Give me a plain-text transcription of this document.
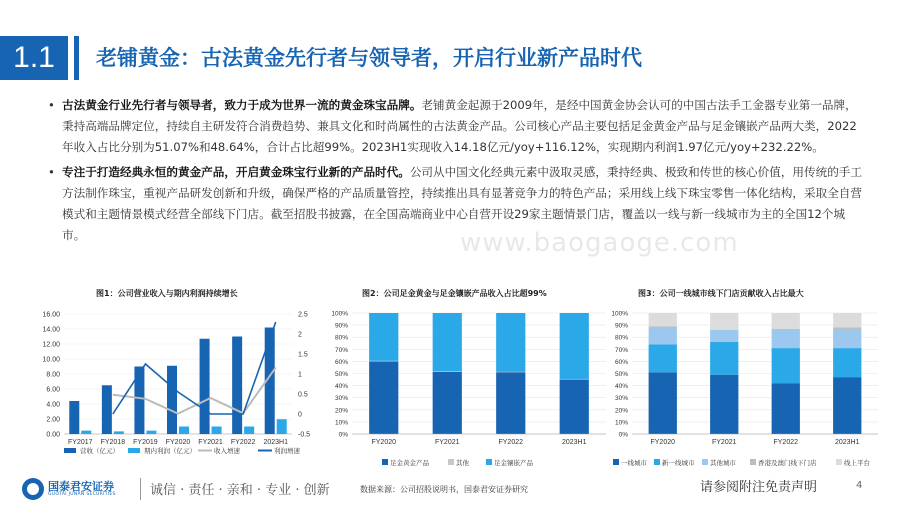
1.1	老铺黄金：古法黄金先行者与领导者，开启行业新产品时代
• 古法黄金行业先行者与领导者，致力于成为世界一流的黄金珠宝品牌。老铺黄金起源于2009年，是经中国黄金协会认可的中国古法手工金器专业第一品牌，秉持高端品牌定位，持续自主研发符合消费趋势、兼具文化和时尚属性的古法黄金产品。公司核心产品主要包括足金黄金产品与足金镶嵌产品两大类，2022年收入占比分别为51.07%和48.64%，合计占比超99%。2023H1实现收入14.18亿元/yoy+116.12%，实现期内利润1.97亿元/yoy+232.22%。
• 专注于打造经典永恒的黄金产品，开启黄金珠宝行业新的产品时代。公司从中国文化经典元素中汲取灵感，秉持经典、极致和传世的核心价值，用传统的手工方法制作珠宝，重视产品研发创新和升级，确保严格的产品质量管控，持续推出具有显著竞争力的特色产品；采用线上线下珠宝零售一体化结构，采取全自营模式和主题情景模式经营全部线下门店。截至招股书披露，在全国高端商业中心自营开设29家主题情景门店，覆盖以一线与新一线城市为主的全国12个城市。	www.baogaoge.com
图1：公司营业收入与期内利润持续增长	图2：公司足金黄金与足金镶嵌产品收入占比超99%	图3：公司一线城市线下门店贡献收入占比最大
0.00
2.00
4.00
6.00
8.00
10.00
12.00
14.00
16.00
-0.5
0
0.5
1
1.5
2
2.5
FY2017 FY2018 FY2019 FY2020 FY2021 FY2022 2023H1
营收（亿元）	期内利润（亿元）	收入增速	利润增速
0%
10%
20%
30%
40%
50%
60%
70%
80%
90%
100%
FY2020	FY2021	FY2022	2023H1
足金黄金产品	其他	足金镶嵌产品
0%
10%
20%
30%
40%
50%
60%
70%
80%
90%
100%
FY2020	FY2021	FY2022	2023H1
一线城市 新一线城市 其他城市	香港及澳门线下门店	线上平台
国泰君安证券
GUOTAI JUNAN SECURITIES	诚信 · 责任 · 亲和 · 专业 · 创新	数据来源：公司招股说明书，国泰君安证券研究	请参阅附注免责声明	4
